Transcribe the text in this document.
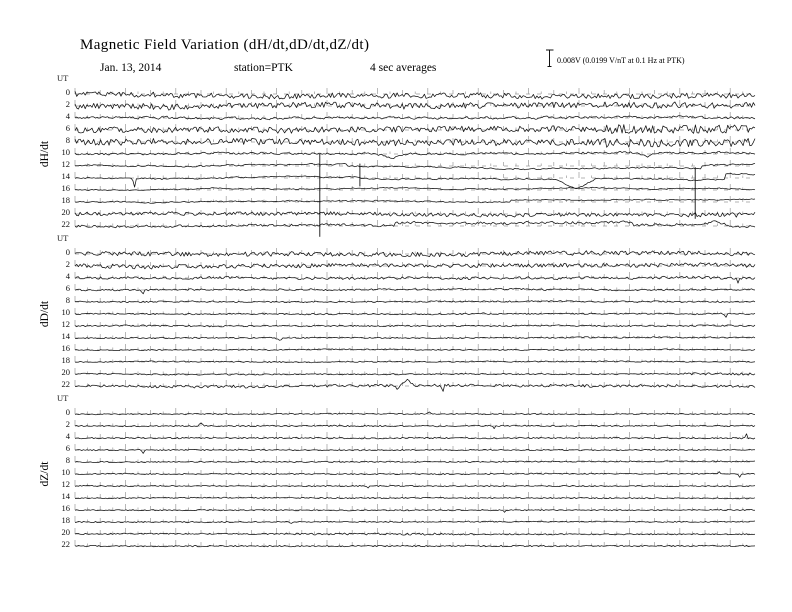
Magnetic Field Variation (dH/dt,dD/dt,dZ/dt)
Jan. 13, 2014	station=PTK	4 sec averages
0.008V (0.0199 V/nT at 0.1 Hz at PTK)
dH/dt
dD/dt
dZ/dt
UT
0
2
4
6
8
10
12
14
16
18
20
22
UT
0
2
4
6
8
10
12
14
16
18
20
22
UT
0
2
4
6
8
10
12
14
16
18
20
22
